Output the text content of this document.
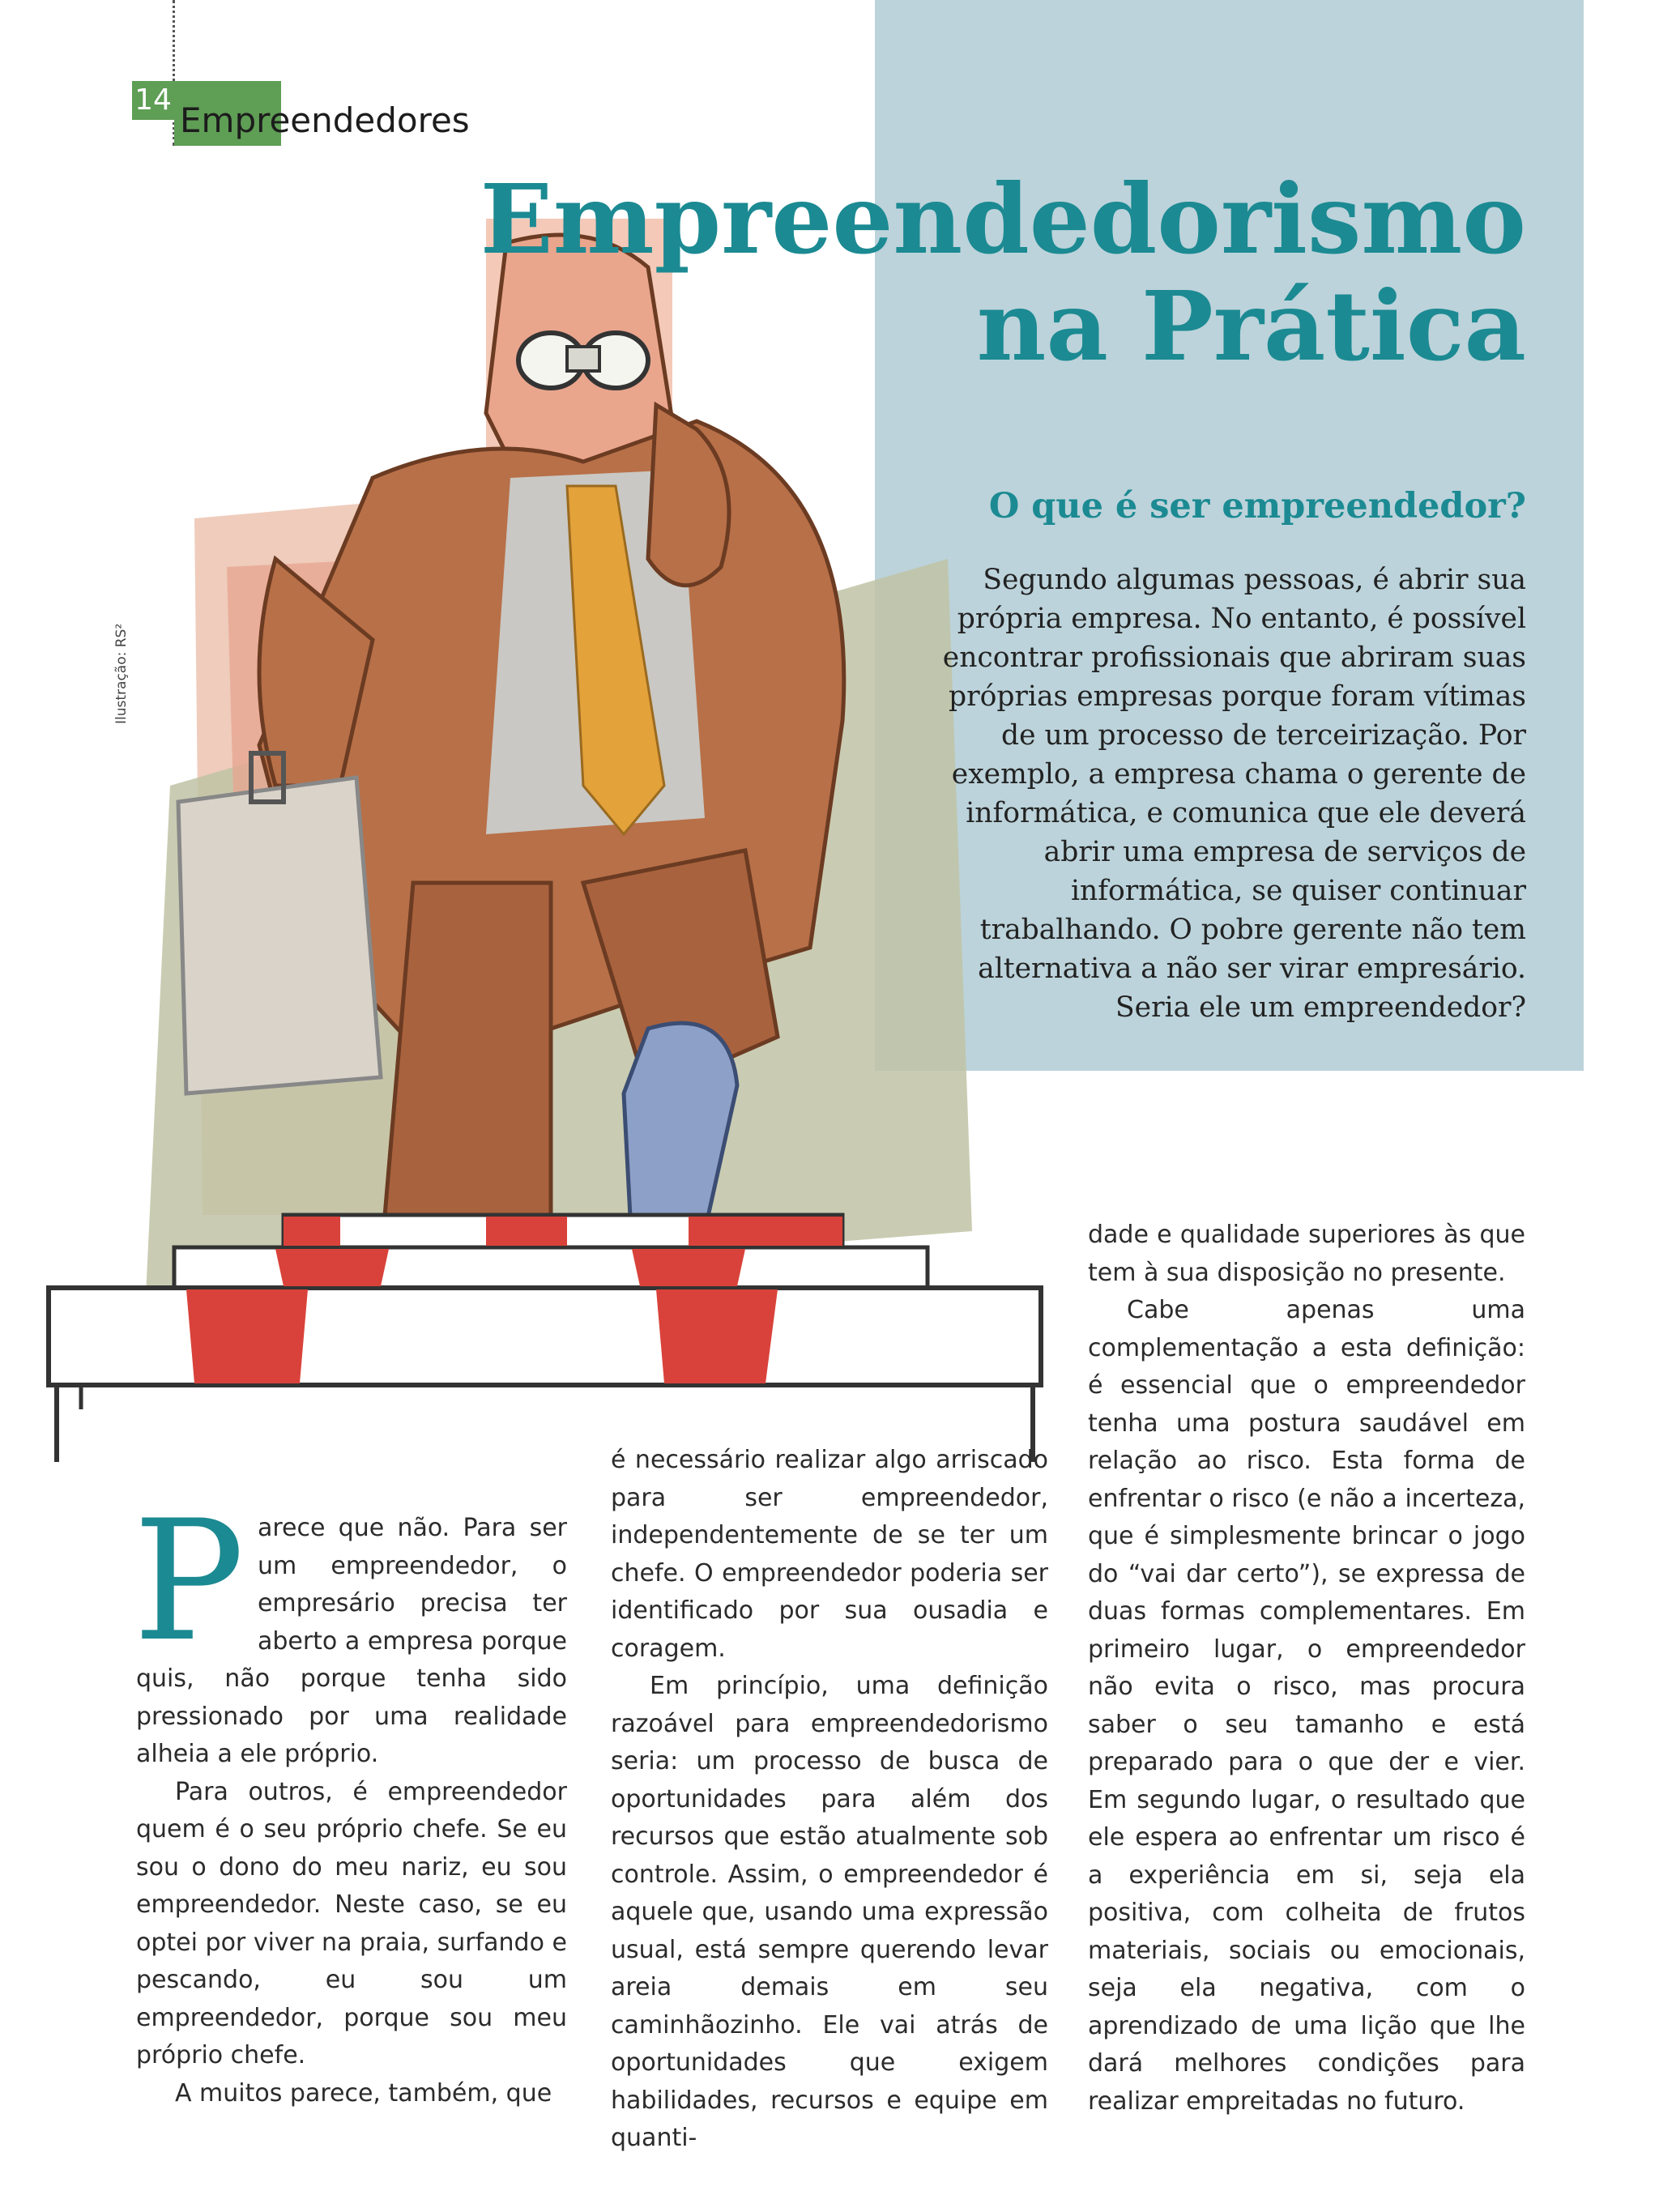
14
Empreendedores
Ilustração: RS²
Empreendedorismo
na Prática
O que é ser empreendedor?

Segundo algumas pessoas, é abrir sua própria empresa. No entanto, é possível encontrar profissionais que abriram suas próprias empresas porque foram vítimas de um processo de terceirização. Por exemplo, a empresa chama o gerente de informática, e comunica que ele deverá abrir uma empresa de serviços de informática, se quiser continuar trabalhando. O pobre gerente não tem alternativa a não ser virar empresário. Seria ele um empreendedor?

Parece que não. Para ser um empreendedor, o empresário precisa ter aberto a empresa porque quis, não porque tenha sido pressionado por uma realidade alheia a ele próprio.

Para outros, é empreendedor quem é o seu próprio chefe. Se eu sou o dono do meu nariz, eu sou empreendedor. Neste caso, se eu optei por viver na praia, surfando e pescando, eu sou um empreendedor, porque sou meu próprio chefe.

A muitos parece, também, que

é necessário realizar algo arriscado para ser empreendedor, independentemente de se ter um chefe. O empreendedor poderia ser identificado por sua ousadia e coragem.

Em princípio, uma definição razoável para empreendedorismo seria: um processo de busca de oportunidades para além dos recursos que estão atualmente sob controle. Assim, o empreendedor é aquele que, usando uma expressão usual, está sempre querendo levar areia demais em seu caminhãozinho. Ele vai atrás de oportunidades que exigem habilidades, recursos e equipe em quanti-

dade e qualidade superiores às que tem à sua disposição no presente.

Cabe apenas uma complementação a esta definição: é essencial que o empreendedor tenha uma postura saudável em relação ao risco. Esta forma de enfrentar o risco (e não a incerteza, que é simplesmente brincar o jogo do “vai dar certo”), se expressa de duas formas complementares. Em primeiro lugar, o empreendedor não evita o risco, mas procura saber o seu tamanho e está preparado para o que der e vier. Em segundo lugar, o resultado que ele espera ao enfrentar um risco é a experiência em si, seja ela positiva, com colheita de frutos materiais, sociais ou emocionais, seja ela negativa, com o aprendizado de uma lição que lhe dará melhores condições para realizar empreitadas no futuro.
